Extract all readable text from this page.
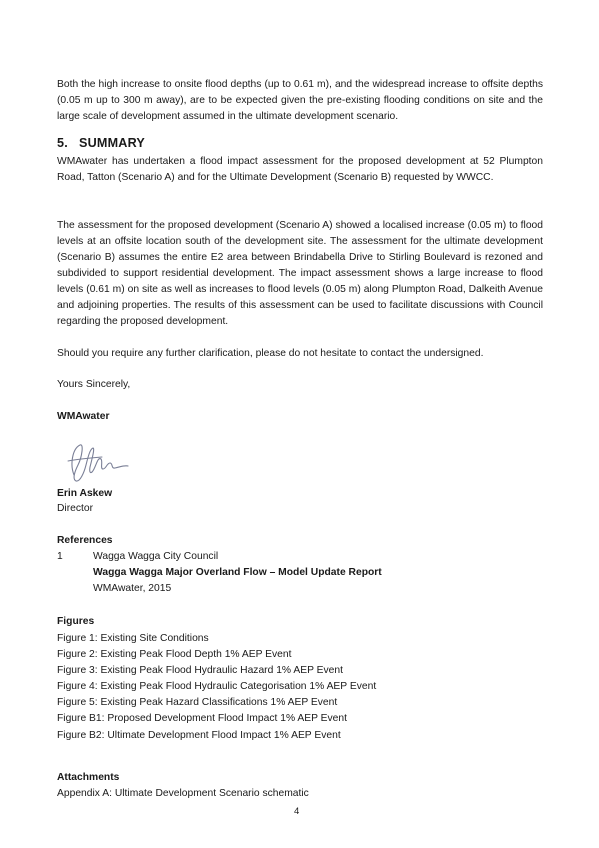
Both the high increase to onsite flood depths (up to 0.61 m), and the widespread increase to offsite depths (0.05 m up to 300 m away), are to be expected given the pre-existing flooding conditions on site and the large scale of development assumed in the ultimate development scenario.

5. SUMMARY

WMAwater has undertaken a flood impact assessment for the proposed development at 52 Plumpton Road, Tatton (Scenario A) and for the Ultimate Development (Scenario B) requested by WWCC.

The assessment for the proposed development (Scenario A) showed a localised increase (0.05 m) to flood levels at an offsite location south of the development site. The assessment for the ultimate development (Scenario B) assumes the entire E2 area between Brindabella Drive to Stirling Boulevard is rezoned and subdivided to support residential development. The impact assessment shows a large increase to flood levels (0.61 m) on site as well as increases to flood levels (0.05 m) along Plumpton Road, Dalkeith Avenue and adjoining properties. The results of this assessment can be used to facilitate discussions with Council regarding the proposed development.

Should you require any further clarification, please do not hesitate to contact the undersigned.

Yours Sincerely,

WMAwater

Erin Askew

Director

References

1	Wagga Wagga City Council
Wagga Wagga Major Overland Flow – Model Update Report
WMAwater, 2015

Figures

Figure 1: Existing Site Conditions
Figure 2: Existing Peak Flood Depth 1% AEP Event
Figure 3: Existing Peak Flood Hydraulic Hazard 1% AEP Event
Figure 4: Existing Peak Flood Hydraulic Categorisation 1% AEP Event
Figure 5: Existing Peak Hazard Classifications 1% AEP Event
Figure B1: Proposed Development Flood Impact 1% AEP Event
Figure B2: Ultimate Development Flood Impact 1% AEP Event

Attachments

Appendix A: Ultimate Development Scenario schematic

4
